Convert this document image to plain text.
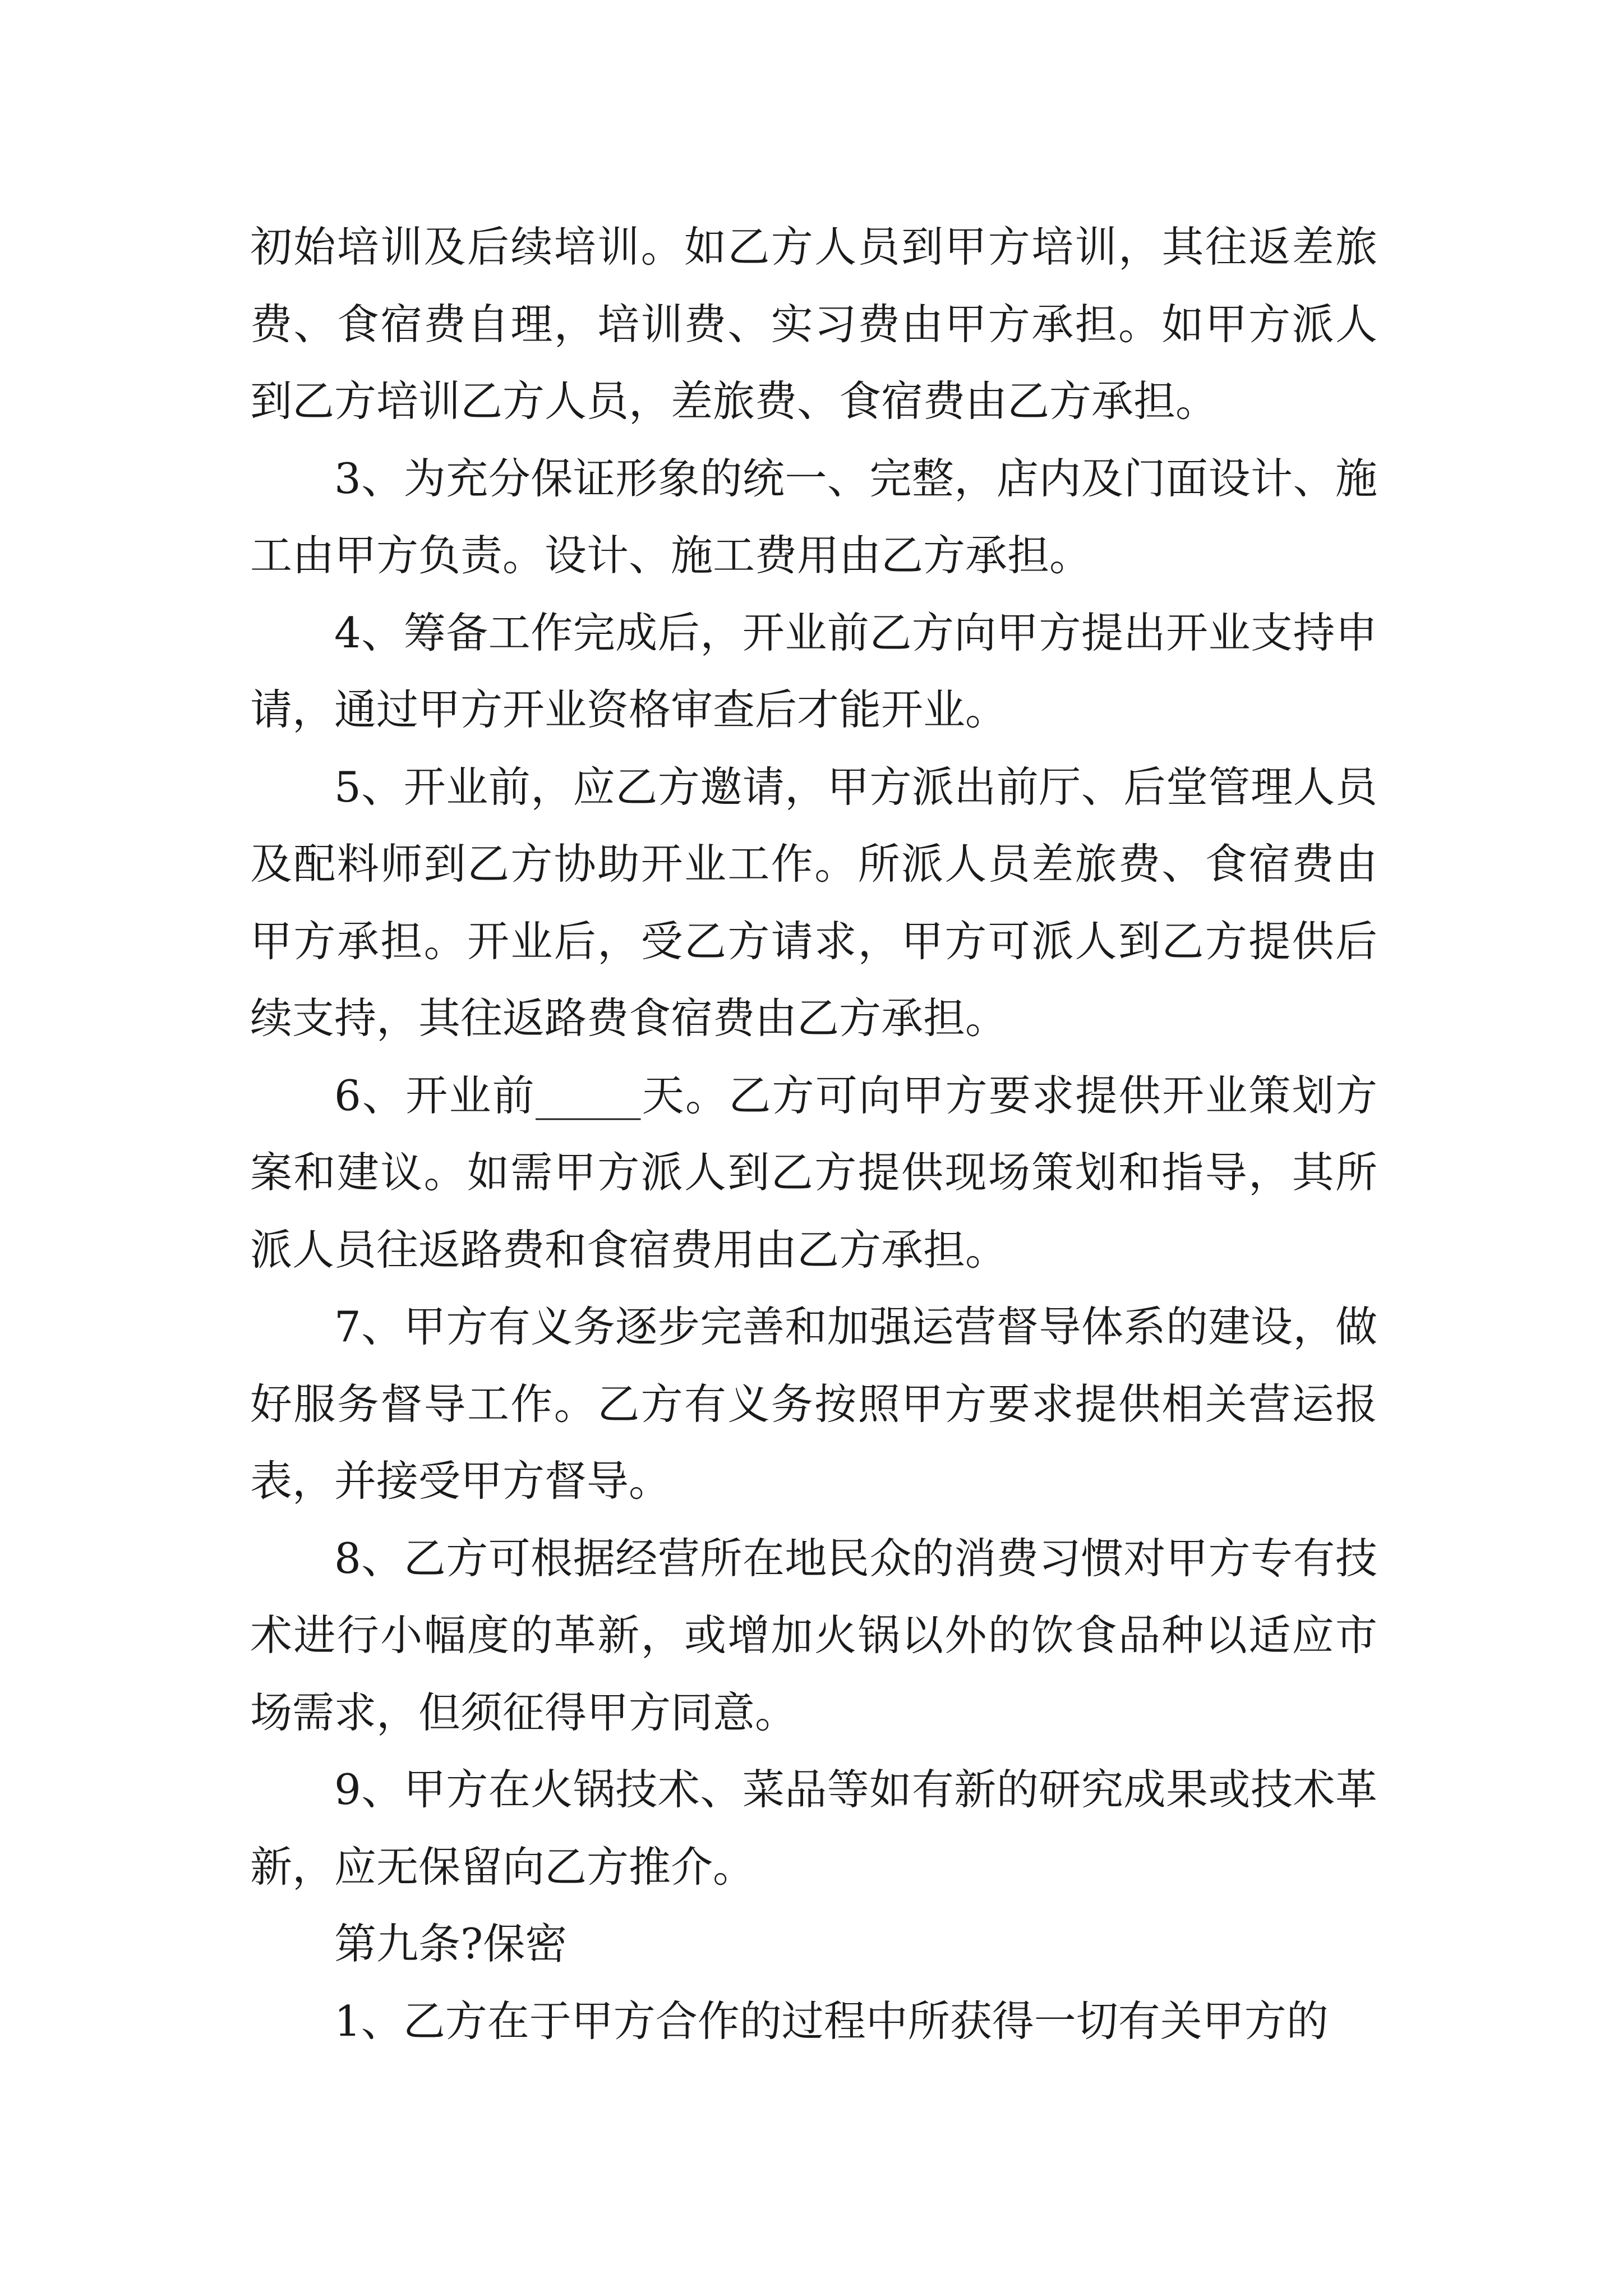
初始培训及后续培训。如乙方人员到甲方培训，其往返差旅费、食宿费自理，培训费、实习费由甲方承担。如甲方派人到乙方培训乙方人员，差旅费、食宿费由乙方承担。

3、为充分保证形象的统一、完整，店内及门面设计、施工由甲方负责。设计、施工费用由乙方承担。

4、筹备工作完成后，开业前乙方向甲方提出开业支持申请，通过甲方开业资格审查后才能开业。

5、开业前，应乙方邀请，甲方派出前厅、后堂管理人员及配料师到乙方协助开业工作。所派人员差旅费、食宿费由甲方承担。开业后，受乙方请求，甲方可派人到乙方提供后续支持，其往返路费食宿费由乙方承担。

6、开业前_____天。乙方可向甲方要求提供开业策划方案和建议。如需甲方派人到乙方提供现场策划和指导，其所派人员往返路费和食宿费用由乙方承担。

7、甲方有义务逐步完善和加强运营督导体系的建设，做好服务督导工作。乙方有义务按照甲方要求提供相关营运报表，并接受甲方督导。

8、乙方可根据经营所在地民众的消费习惯对甲方专有技术进行小幅度的革新，或增加火锅以外的饮食品种以适应市场需求，但须征得甲方同意。

9、甲方在火锅技术、菜品等如有新的研究成果或技术革新，应无保留向乙方推介。

第九条?保密

1、乙方在于甲方合作的过程中所获得一切有关甲方的
